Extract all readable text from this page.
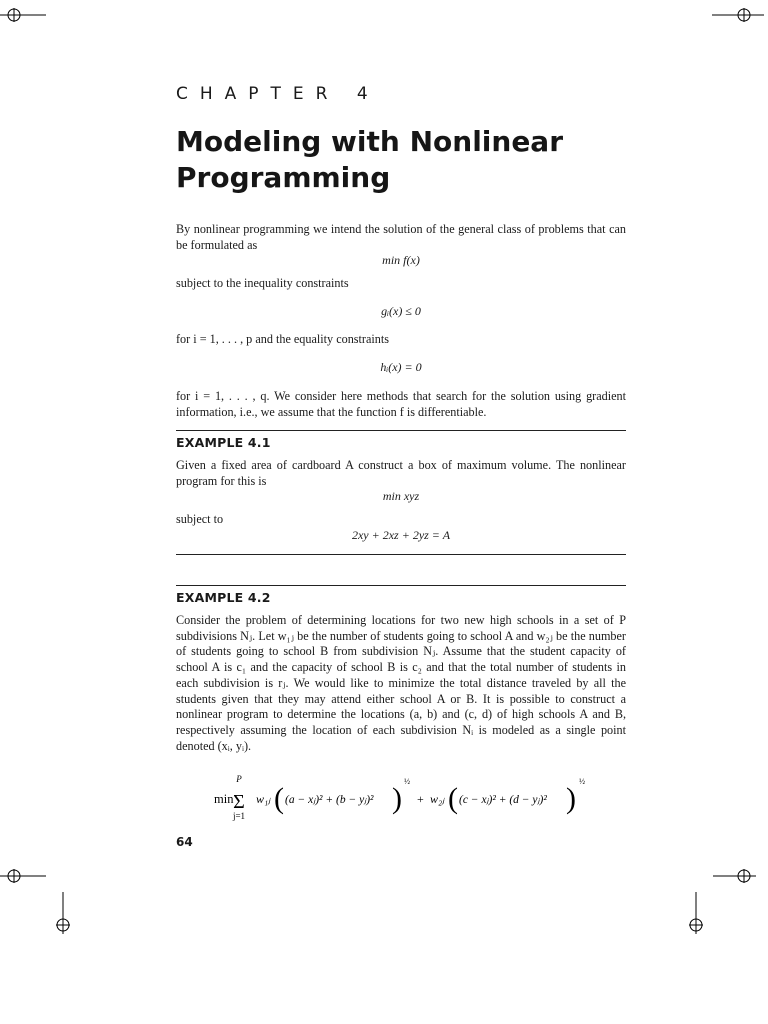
CHAPTER 4
Modeling with Nonlinear Programming
By nonlinear programming we intend the solution of the general class of problems that can be formulated as
min f(x)
subject to the inequality constraints
gᵢ(x) ≤ 0
for i = 1, . . . , p and the equality constraints
hᵢ(x) = 0
for i = 1, . . . , q. We consider here methods that search for the solution using gradient information, i.e., we assume that the function f is differentiable.
EXAMPLE 4.1
Given a fixed area of cardboard A construct a box of maximum volume. The nonlinear program for this is
min xyz
subject to
2xy + 2xz + 2yz = A
EXAMPLE 4.2
Consider the problem of determining locations for two new high schools in a set of P subdivisions Nⱼ. Let w₁ⱼ be the number of students going to school A and w₂ⱼ be the number of students going to school B from subdivision Nⱼ. Assume that the student capacity of school A is c₁ and the capacity of school B is c₂ and that the total number of students in each subdivision is rⱼ. We would like to minimize the total distance traveled by all the students given that they may attend either school A or B. It is possible to construct a nonlinear program to determine the locations (a, b) and (c, d) of high schools A and B, respectively assuming the location of each subdivision Nᵢ is modeled as a single point denoted (xᵢ, yᵢ).
min
P
Σ
j=1
w₁ⱼ ( (a − xⱼ)² + (b − yⱼ)² )
½
+ w₂ⱼ ( (c − xⱼ)² + (d − yⱼ)² )
½
64
